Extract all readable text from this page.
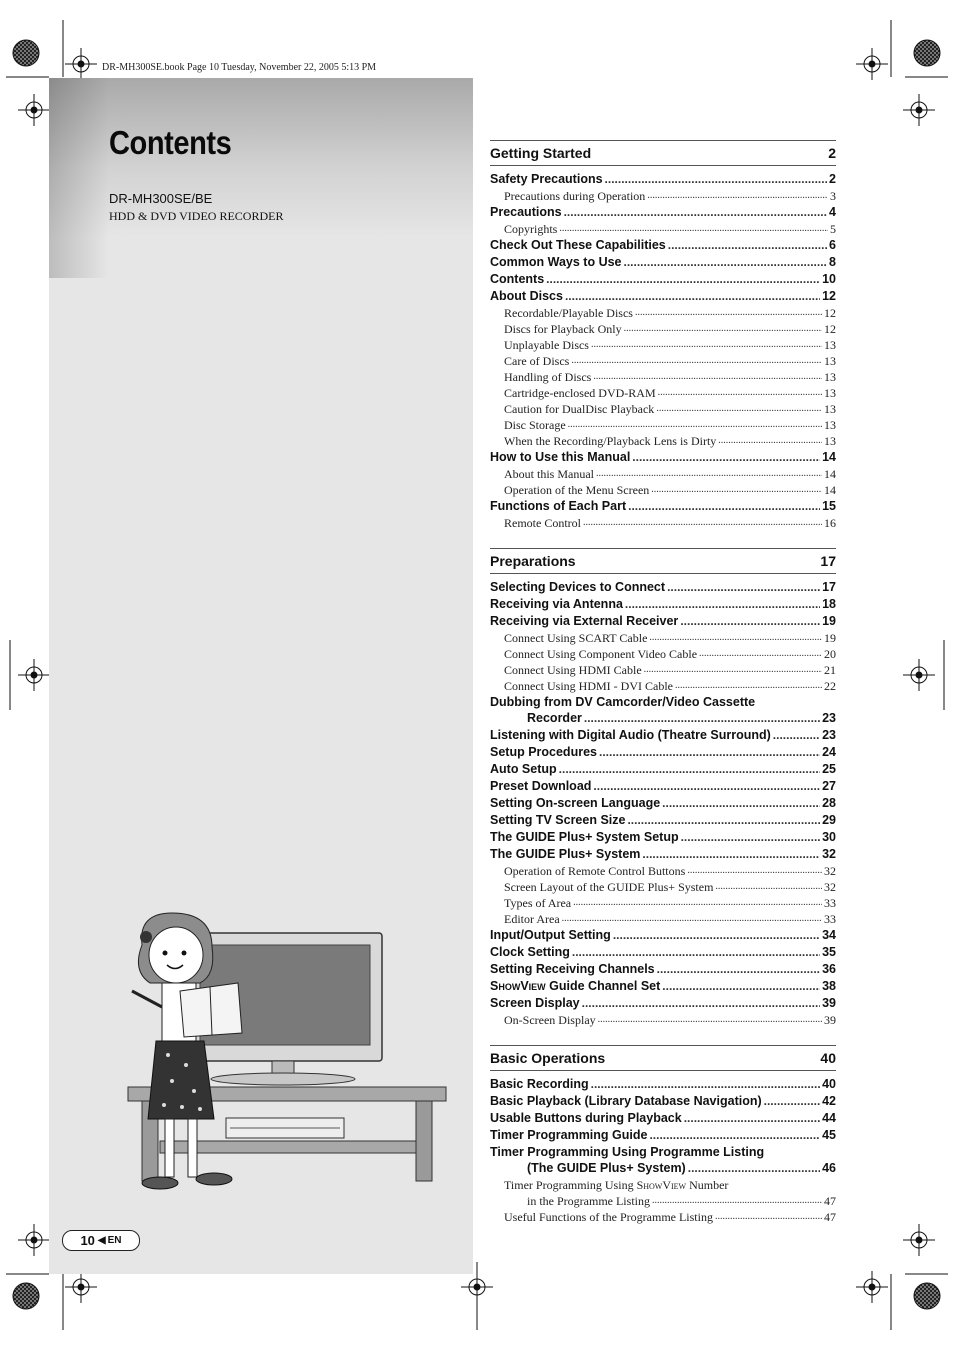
DR-MH300SE.book Page 10 Tuesday, November 22, 2005 5:13 PM
Contents
DR-MH300SE/BE
HDD & DVD VIDEO RECORDER
10 ◀ EN
Getting Started	2
Safety Precautions .....	2
Precautions during Operation .....	3
Precautions .....	4
Copyrights .....	5
Check Out These Capabilities .....	6
Common Ways to Use .....	8
Contents .....	10
About Discs .....	12
Recordable/Playable Discs .....	12
Discs for Playback Only .....	12
Unplayable Discs .....	13
Care of Discs .....	13
Handling of Discs .....	13
Cartridge-enclosed DVD-RAM .....	13
Caution for DualDisc Playback .....	13
Disc Storage .....	13
When the Recording/Playback Lens is Dirty .....	13
How to Use this Manual .....	14
About this Manual .....	14
Operation of the Menu Screen .....	14
Functions of Each Part .....	15
Remote Control .....	16
Preparations	17
Selecting Devices to Connect .....	17
Receiving via Antenna .....	18
Receiving via External Receiver .....	19
Connect Using SCART Cable .....	19
Connect Using Component Video Cable .....	20
Connect Using HDMI Cable .....	21
Connect Using HDMI - DVI Cable .....	22
Dubbing from DV Camcorder/Video Cassette
Recorder .....	23
Listening with Digital Audio (Theatre Surround) .....	23
Setup Procedures .....	24
Auto Setup .....	25
Preset Download .....	27
Setting On-screen Language .....	28
Setting TV Screen Size .....	29
The GUIDE Plus+ System Setup .....	30
The GUIDE Plus+ System .....	32
Operation of Remote Control Buttons .....	32
Screen Layout of the GUIDE Plus+ System .....	32
Types of Area .....	33
Editor Area .....	33
Input/Output Setting .....	34
Clock Setting .....	35
Setting Receiving Channels .....	36
ShowView Guide Channel Set .....	38
Screen Display .....	39
On-Screen Display .....	39
Basic Operations	40
Basic Recording .....	40
Basic Playback (Library Database Navigation) .....	42
Usable Buttons during Playback .....	44
Timer Programming Guide .....	45
Timer Programming Using Programme Listing
(The GUIDE Plus+ System) .....	46
Timer Programming Using ShowView Number
in the Programme Listing .....	47
Useful Functions of the Programme Listing .....	47
